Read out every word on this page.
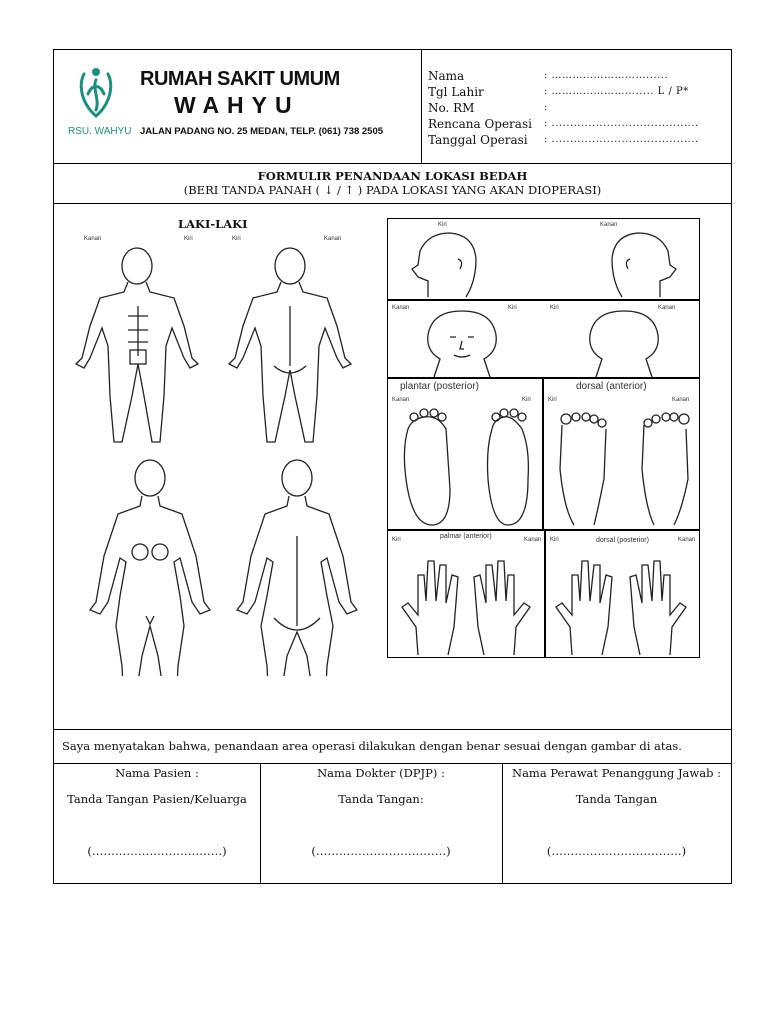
RSU. WAHYU
RUMAH SAKIT UMUM
WAHYU
JALAN PADANG NO. 25 MEDAN, TELP. (061) 738 2505
Nama	: ………………………......
Tgl Lahir	: ……………………..... L / P*
No. RM	:
Rencana Operasi : ........................................
Tanggal Operasi : ........................................
FORMULIR PENANDAAN LOKASI BEDAH
(BERI TANDA PANAH ( ↓ / ↑ ) PADA LOKASI YANG AKAN DIOPERASI)
LAKI-LAKI
Kanan	Kiri	Kiri	Kanan
Kiri	Kanan
Kanan	Kiri	Kiri	Kanan
plantar (posterior)
Kanan	Kiri
dorsal (anterior)
Kiri	Kanan
palmar (anterior)
Kiri	Kanan	dorsal (posterior)
Kiri	Kanan
Saya menyatakan bahwa, penandaan area operasi dilakukan dengan benar sesuai dengan gambar di atas.
Nama Pasien :
Tanda Tangan Pasien/Keluarga
(…………………………….)
Nama Dokter (DPJP) :
Tanda Tangan:
(…………………………….)
Nama Perawat Penanggung Jawab :
Tanda Tangan
(…………………………….)
